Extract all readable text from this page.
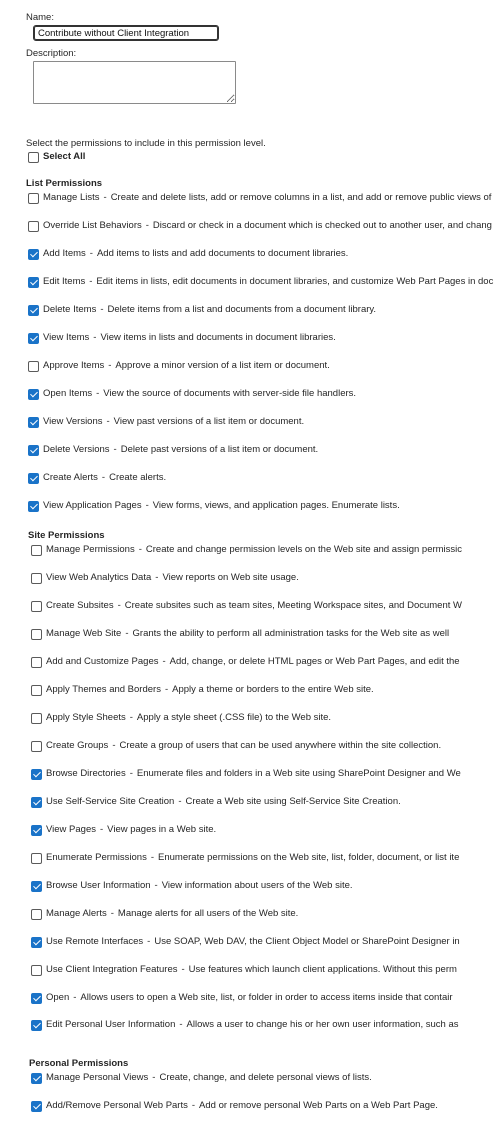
Name:
Contribute without Client Integration
Description:
Select the permissions to include in this permission level.
Select All
List Permissions
Site Permissions
Personal Permissions
Manage Lists - Create and delete lists, add or remove columns in a list, and add or remove public views of
Override List Behaviors - Discard or check in a document which is checked out to another user, and chang
Add Items - Add items to lists and add documents to document libraries.
Edit Items - Edit items in lists, edit documents in document libraries, and customize Web Part Pages in doc
Delete Items - Delete items from a list and documents from a document library.
View Items - View items in lists and documents in document libraries.
Approve Items - Approve a minor version of a list item or document.
Open Items - View the source of documents with server-side file handlers.
View Versions - View past versions of a list item or document.
Delete Versions - Delete past versions of a list item or document.
Create Alerts - Create alerts.
View Application Pages - View forms, views, and application pages. Enumerate lists.
Manage Permissions - Create and change permission levels on the Web site and assign permissic
View Web Analytics Data - View reports on Web site usage.
Create Subsites - Create subsites such as team sites, Meeting Workspace sites, and Document W
Manage Web Site - Grants the ability to perform all administration tasks for the Web site as well
Add and Customize Pages - Add, change, or delete HTML pages or Web Part Pages, and edit the
Apply Themes and Borders - Apply a theme or borders to the entire Web site.
Apply Style Sheets - Apply a style sheet (.CSS file) to the Web site.
Create Groups - Create a group of users that can be used anywhere within the site collection.
Browse Directories - Enumerate files and folders in a Web site using SharePoint Designer and We
Use Self-Service Site Creation - Create a Web site using Self-Service Site Creation.
View Pages - View pages in a Web site.
Enumerate Permissions - Enumerate permissions on the Web site, list, folder, document, or list ite
Browse User Information - View information about users of the Web site.
Manage Alerts - Manage alerts for all users of the Web site.
Use Remote Interfaces - Use SOAP, Web DAV, the Client Object Model or SharePoint Designer in
Use Client Integration Features - Use features which launch client applications. Without this perm
Open - Allows users to open a Web site, list, or folder in order to access items inside that contair
Edit Personal User Information - Allows a user to change his or her own user information, such as
Manage Personal Views - Create, change, and delete personal views of lists.
Add/Remove Personal Web Parts - Add or remove personal Web Parts on a Web Part Page.
